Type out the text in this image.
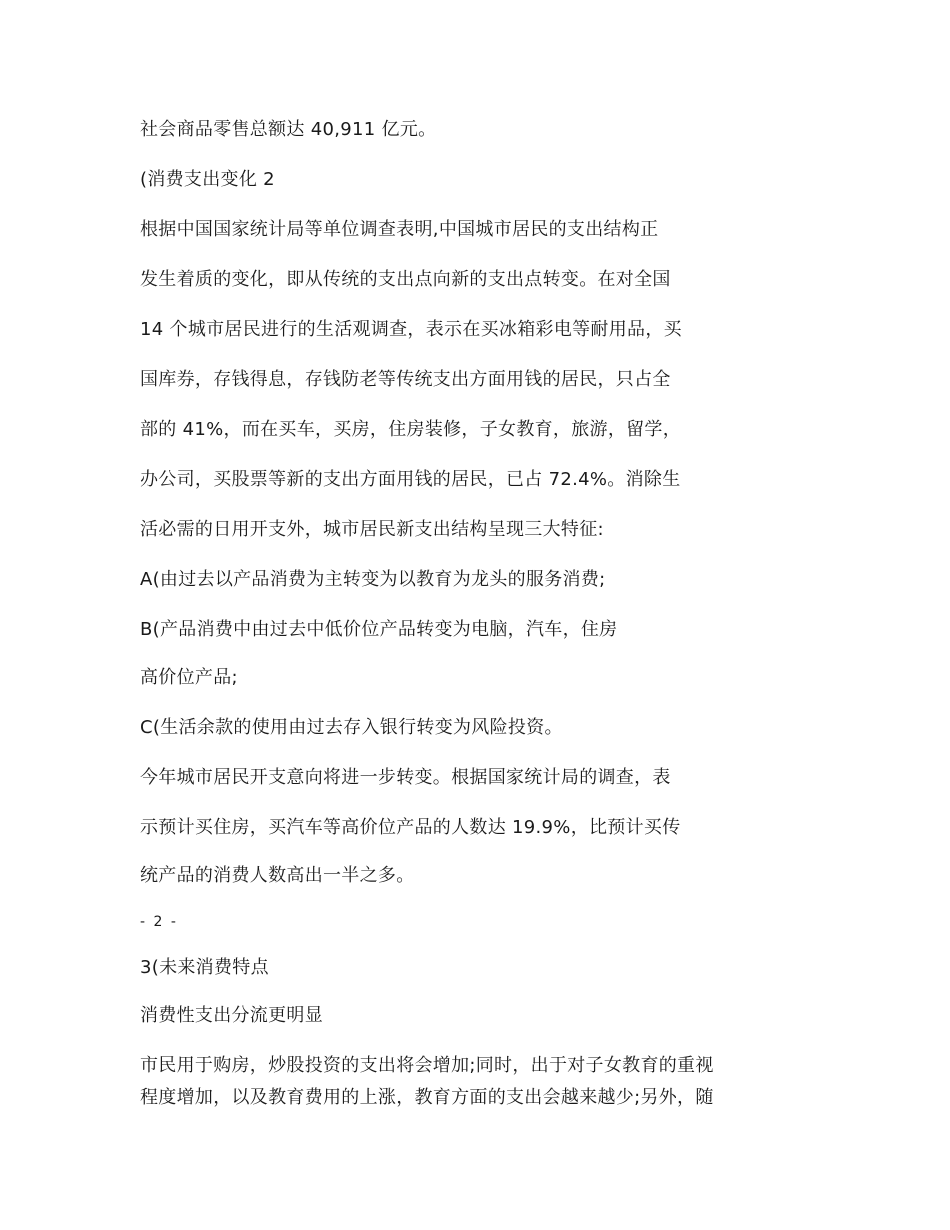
社会商品零售总额达 40,911 亿元。
(消费支出变化 2
根据中国国家统计局等单位调查表明,中国城市居民的支出结构正
发生着质的变化，即从传统的支出点向新的支出点转变。在对全国
14 个城市居民进行的生活观调查，表示在买冰箱彩电等耐用品，买
国库券，存钱得息，存钱防老等传统支出方面用钱的居民，只占全
部的 41%，而在买车，买房，住房装修，子女教育，旅游，留学，
办公司，买股票等新的支出方面用钱的居民，已占 72.4%。消除生
活必需的日用开支外，城市居民新支出结构呈现三大特征:
A(由过去以产品消费为主转变为以教育为龙头的服务消费;
B(产品消费中由过去中低价位产品转变为电脑，汽车，住房
高价位产品;
C(生活余款的使用由过去存入银行转变为风险投资。
今年城市居民开支意向将进一步转变。根据国家统计局的调查，表
示预计买住房，买汽车等高价位产品的人数达 19.9%，比预计买传
统产品的消费人数高出一半之多。
- 2 -
3(未来消费特点
消费性支出分流更明显
市民用于购房，炒股投资的支出将会增加;同时，出于对子女教育的重视
程度增加，以及教育费用的上涨，教育方面的支出会越来越少;另外，随
